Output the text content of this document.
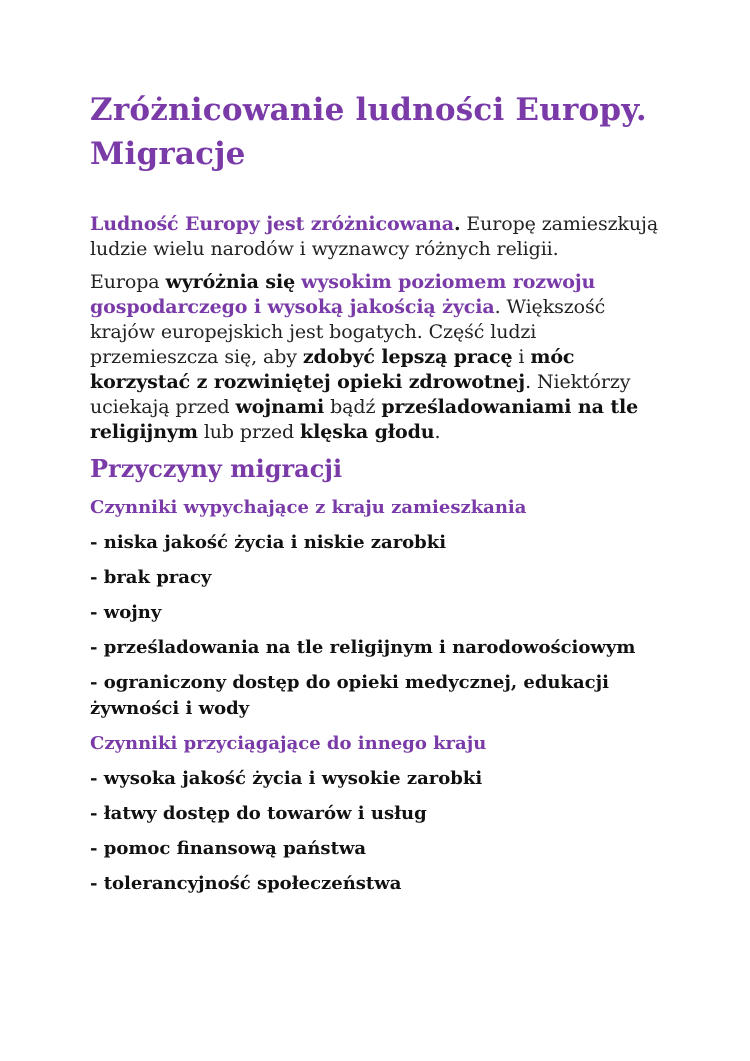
Zróżnicowanie ludności Europy. Migracje

Ludność Europy jest zróżnicowana. Europę zamieszkują ludzie wielu narodów i wyznawcy różnych religii.

Europa wyróżnia się wysokim poziomem rozwoju gospodarczego i wysoką jakością życia. Większość krajów europejskich jest bogatych. Część ludzi przemieszcza się, aby zdobyć lepszą pracę i móc korzystać z rozwiniętej opieki zdrowotnej. Niektórzy uciekają przed wojnami bądź prześladowaniami na tle religijnym lub przed klęska głodu.

Przyczyny migracji
Czynniki wypychające z kraju zamieszkania
- niska jakość życia i niskie zarobki
- brak pracy
- wojny
- prześladowania na tle religijnym i narodowościowym
- ograniczony dostęp do opieki medycznej, edukacji żywności i wody
Czynniki przyciągające do innego kraju
- wysoka jakość życia i wysokie zarobki
- łatwy dostęp do towarów i usług
- pomoc finansową państwa
- tolerancyjność społeczeństwa
